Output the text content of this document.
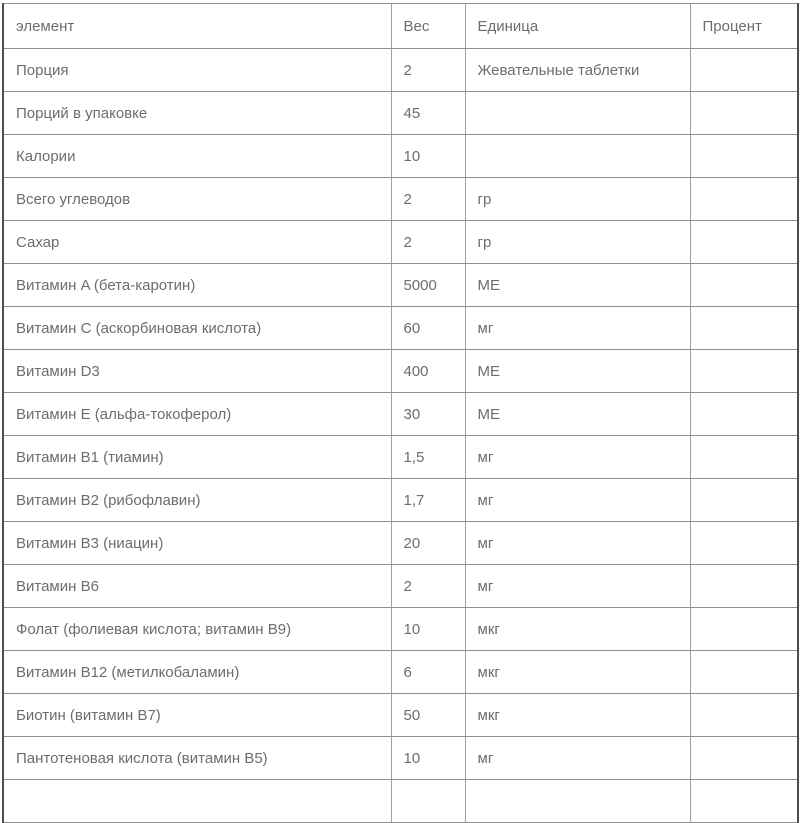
элемент	Вес	Единица	Процент
Порция	2	Жевательные таблетки	
Порций в упаковке	45		
Калории	10		
Всего углеводов	2	гр	
Сахар	2	гр	
Витамин A (бета-каротин)	5000	МЕ	
Витамин C (аскорбиновая кислота)	60	мг	
Витамин D3	400	МЕ	
Витамин E (альфа-токоферол)	30	МЕ	
Витамин B1 (тиамин)	1,5	мг	
Витамин B2 (рибофлавин)	1,7	мг	
Витамин B3 (ниацин)	20	мг	
Витамин B6	2	мг	
Фолат (фолиевая кислота; витамин B9)	10	мкг	
Витамин B12 (метилкобаламин)	6	мкг	
Биотин (витамин B7)	50	мкг	
Пантотеновая кислота (витамин B5)	10	мг	
